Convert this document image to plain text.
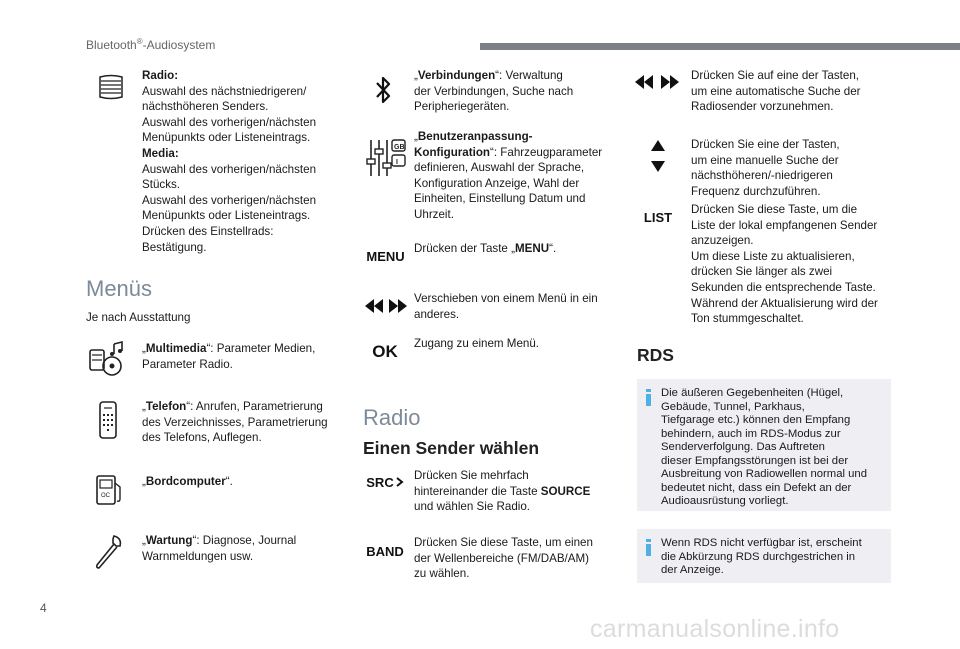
Bluetooth®-Audiosystem
Radio:
Auswahl des nächstniedrigeren/
nächsthöheren Senders.
Auswahl des vorherigen/nächsten
Menüpunkts oder Listeneintrags.
Media:
Auswahl des vorherigen/nächsten
Stücks.
Auswahl des vorherigen/nächsten
Menüpunkts oder Listeneintrags.
Drücken des Einstellrads:
Bestätigung.
Menüs
Je nach Ausstattung
„Multimedia“: Parameter Medien,
Parameter Radio.
„Telefon“: Anrufen, Parametrierung
des Verzeichnisses, Parametrierung
des Telefons, Auflegen.
OC
„Bordcomputer“.
„Wartung“: Diagnose, Journal
Warnmeldungen usw.
„Verbindungen“: Verwaltung
der Verbindungen, Suche nach
Peripheriegeräten.
GB
I
„Benutzeranpassung-
Konfiguration“: Fahrzeugparameter
definieren, Auswahl der Sprache,
Konfiguration Anzeige, Wahl der
Einheiten, Einstellung Datum und
Uhrzeit.
MENU Drücken der Taste „MENU“.
Verschieben von einem Menü in ein
anderes.
OK	Zugang zu einem Menü.
Radio
Einen Sender wählen
SRC Drücken Sie mehrfach
hintereinander die Taste SOURCE
und wählen Sie Radio.
BAND
Drücken Sie diese Taste, um einen
der Wellenbereiche (FM/DAB/AM)
zu wählen.
Drücken Sie auf eine der Tasten,
um eine automatische Suche der
Radiosender vorzunehmen.
Drücken Sie eine der Tasten,
um eine manuelle Suche der
nächsthöheren/-niedrigeren
Frequenz durchzuführen.
LIST	Drücken Sie diese Taste, um die
Liste der lokal empfangenen Sender
anzuzeigen.
Um diese Liste zu aktualisieren,
drücken Sie länger als zwei
Sekunden die entsprechende Taste.
Während der Aktualisierung wird der
Ton stummgeschaltet.
RDS
Die äußeren Gegebenheiten (Hügel,
Gebäude, Tunnel, Parkhaus,
Tiefgarage etc.) können den Empfang
behindern, auch im RDS-Modus zur
Senderverfolgung. Das Auftreten
dieser Empfangsstörungen ist bei der
Ausbreitung von Radiowellen normal und
bedeutet nicht, dass ein Defekt an der
Audioausrüstung vorliegt.
Wenn RDS nicht verfügbar ist, erscheint
die Abkürzung RDS durchgestrichen in
der Anzeige.
4
carmanualsonline.info
